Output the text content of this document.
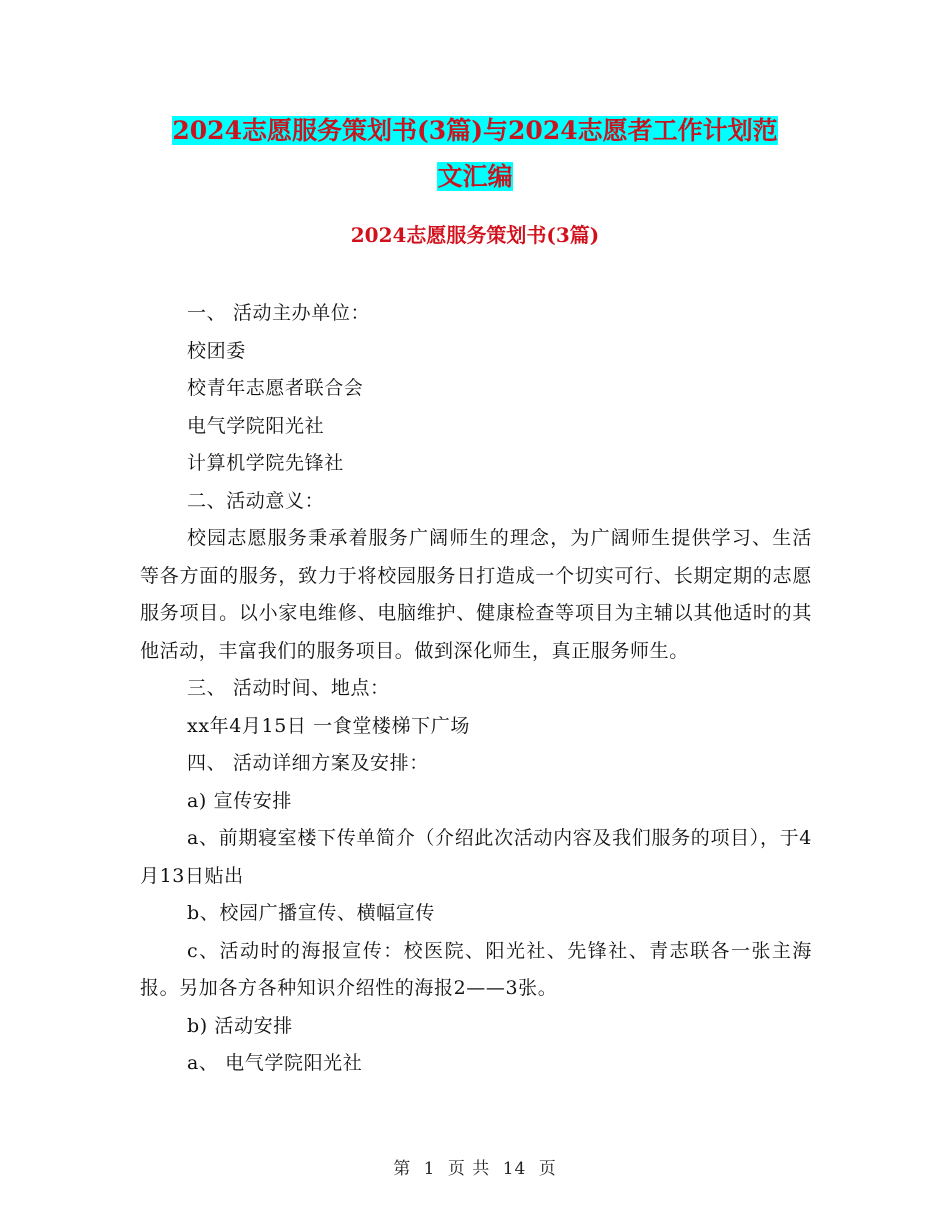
2024志愿服务策划书(3篇)与2024志愿者工作计划范
文汇编
2024志愿服务策划书(3篇)

一、 活动主办单位：

校团委

校青年志愿者联合会

电气学院阳光社

计算机学院先锋社

二、活动意义：

校园志愿服务秉承着服务广阔师生的理念，为广阔师生提供学习、生活等各方面的服务，致力于将校园服务日打造成一个切实可行、长期定期的志愿服务项目。以小家电维修、电脑维护、健康检查等项目为主辅以其他适时的其他活动，丰富我们的服务项目。做到深化师生，真正服务师生。

三、 活动时间、地点：

xx年4月15日 一食堂楼梯下广场

四、 活动详细方案及安排：

a) 宣传安排

a、前期寝室楼下传单简介（介绍此次活动内容及我们服务的项目），于4月13日贴出

b、校园广播宣传、横幅宣传

c、活动时的海报宣传：校医院、阳光社、先锋社、青志联各一张主海报。另加各方各种知识介绍性的海报2——3张。

b) 活动安排

a、 电气学院阳光社

第 1 页 共 14 页
